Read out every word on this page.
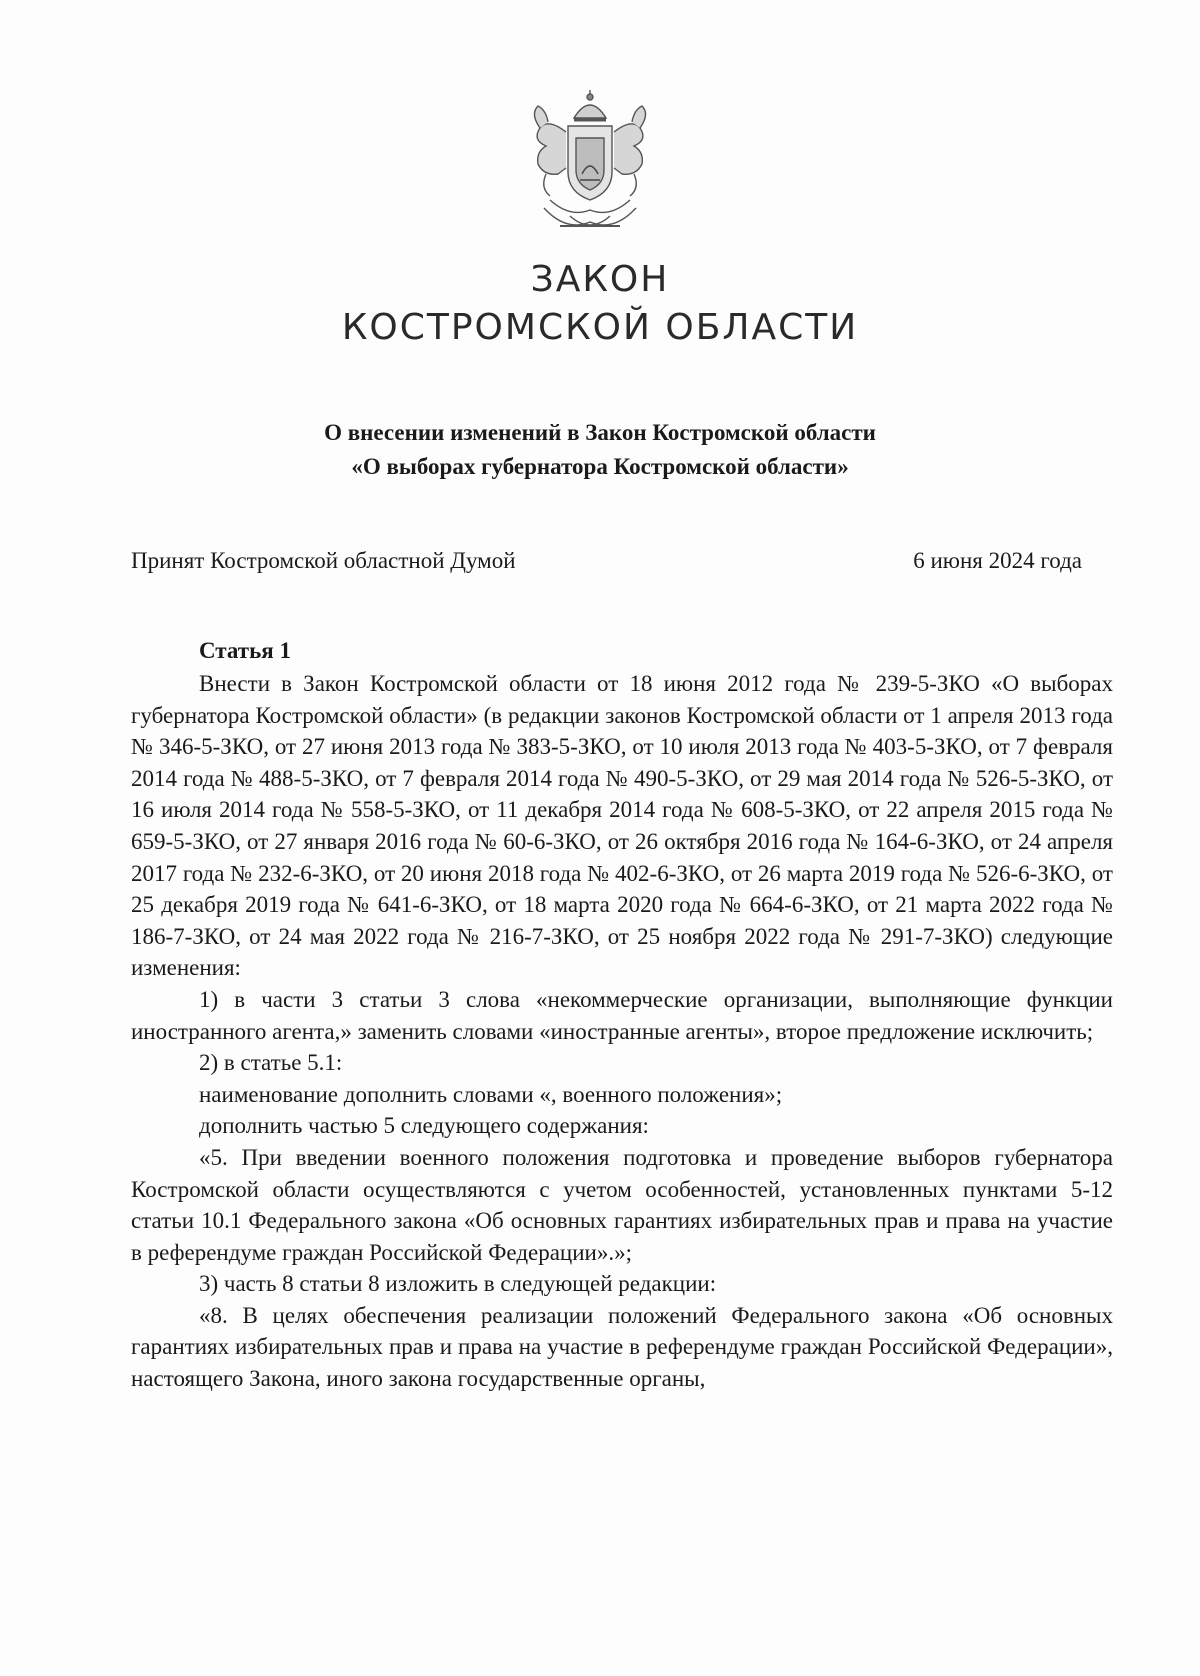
ЗАКОН
КОСТРОМСКОЙ ОБЛАСТИ
О внесении изменений в Закон Костромской области
«О выборах губернатора Костромской области»
Принят Костромской областной Думой	6 июня 2024 года
Статья 1

Внести в Закон Костромской области от 18 июня 2012 года № 239-5-ЗКО «О выборах губернатора Костромской области» (в редакции законов Костромской области от 1 апреля 2013 года № 346-5-ЗКО, от 27 июня 2013 года № 383-5-ЗКО, от 10 июля 2013 года № 403-5-ЗКО, от 7 февраля 2014 года № 488-5-ЗКО, от 7 февраля 2014 года № 490-5-ЗКО, от 29 мая 2014 года № 526-5-ЗКО, от 16 июля 2014 года № 558-5-ЗКО, от 11 декабря 2014 года № 608-5-ЗКО, от 22 апреля 2015 года № 659-5-ЗКО, от 27 января 2016 года № 60-6-ЗКО, от 26 октября 2016 года № 164-6-ЗКО, от 24 апреля 2017 года № 232-6-ЗКО, от 20 июня 2018 года № 402-6-ЗКО, от 26 марта 2019 года № 526-6-ЗКО, от 25 декабря 2019 года № 641-6-ЗКО, от 18 марта 2020 года № 664-6-ЗКО, от 21 марта 2022 года № 186-7-ЗКО, от 24 мая 2022 года № 216-7-ЗКО, от 25 ноября 2022 года № 291-7-ЗКО) следующие изменения:

1) в части 3 статьи 3 слова «некоммерческие организации, выполняющие функции иностранного агента,» заменить словами «иностранные агенты», второе предложение исключить;

2) в статье 5.1:

наименование дополнить словами «, военного положения»;

дополнить частью 5 следующего содержания:

«5. При введении военного положения подготовка и проведение выборов губернатора Костромской области осуществляются с учетом особенностей, установленных пунктами 5-12 статьи 10.1 Федерального закона «Об основных гарантиях избирательных прав и права на участие в референдуме граждан Российской Федерации».»;

3) часть 8 статьи 8 изложить в следующей редакции:

«8. В целях обеспечения реализации положений Федерального закона «Об основных гарантиях избирательных прав и права на участие в референдуме граждан Российской Федерации», настоящего Закона, иного закона государственные органы,
